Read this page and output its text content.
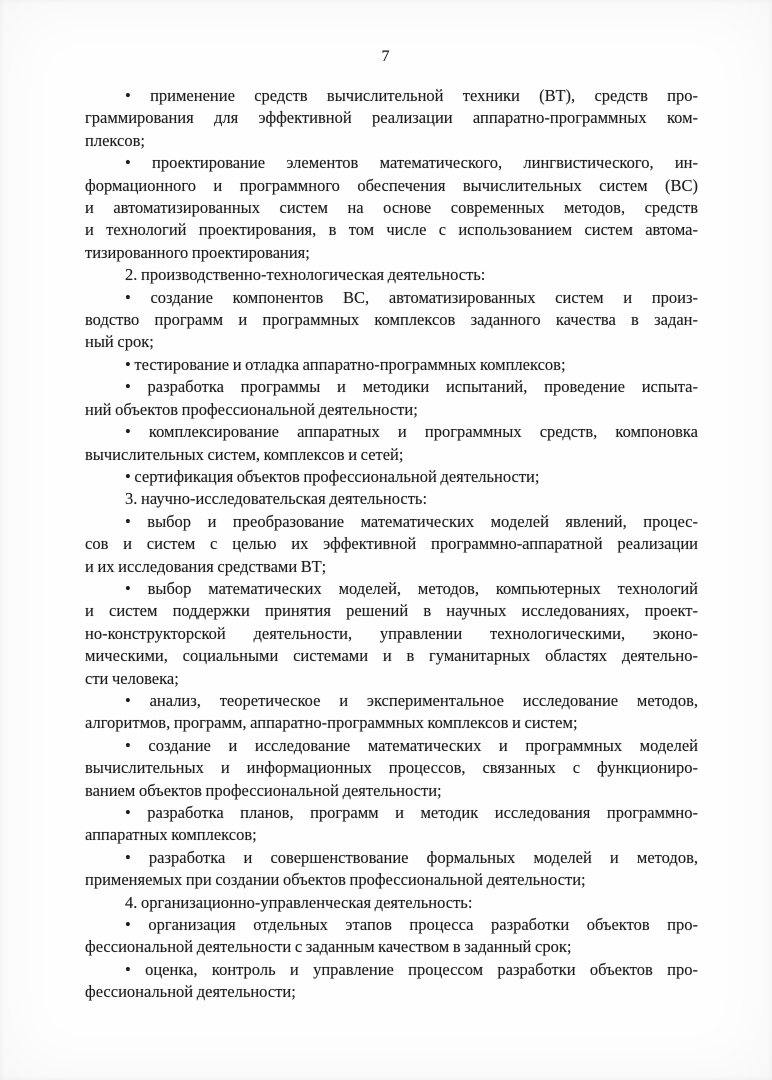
7
• применение средств вычислительной техники (ВТ), средств про-
граммирования для эффективной реализации аппаратно-программных ком-
плексов;
• проектирование элементов математического, лингвистического, ин-
формационного и программного обеспечения вычислительных систем (ВС)
и автоматизированных систем на основе современных методов, средств
и технологий проектирования, в том числе с использованием систем автома-
тизированного проектирования;
2. производственно-технологическая деятельность:
• создание компонентов ВС, автоматизированных систем и произ-
водство программ и программных комплексов заданного качества в задан-
ный срок;
• тестирование и отладка аппаратно-программных комплексов;
• разработка программы и методики испытаний, проведение испыта-
ний объектов профессиональной деятельности;
• комплексирование аппаратных и программных средств, компоновка
вычислительных систем, комплексов и сетей;
• сертификация объектов профессиональной деятельности;
3. научно-исследовательская деятельность:
• выбор и преобразование математических моделей явлений, процес-
сов и систем с целью их эффективной программно-аппаратной реализации
и их исследования средствами ВТ;
• выбор математических моделей, методов, компьютерных технологий
и систем поддержки принятия решений в научных исследованиях, проект-
но-конструкторской деятельности, управлении технологическими, эконо-
мическими, социальными системами и в гуманитарных областях деятельно-
сти человека;
• анализ, теоретическое и экспериментальное исследование методов,
алгоритмов, программ, аппаратно-программных комплексов и систем;
• создание и исследование математических и программных моделей
вычислительных и информационных процессов, связанных с функциониро-
ванием объектов профессиональной деятельности;
• разработка планов, программ и методик исследования программно-
аппаратных комплексов;
• разработка и совершенствование формальных моделей и методов,
применяемых при создании объектов профессиональной деятельности;
4. организационно-управленческая деятельность:
• организация отдельных этапов процесса разработки объектов про-
фессиональной деятельности с заданным качеством в заданный срок;
• оценка, контроль и управление процессом разработки объектов про-
фессиональной деятельности;
